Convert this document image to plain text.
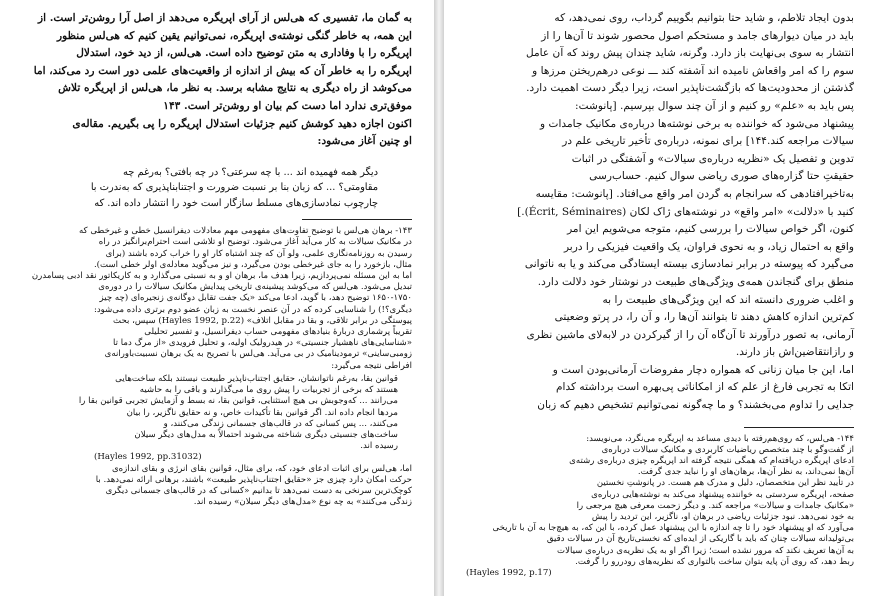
به گمان ما، تفسیری که هی‌لس از آرای اپریگره می‌دهد از اصل آرا روشن‌تر است. از
این همه، به خاطر گنگی نوشته‌ی اپریگره، نمی‌توانیم یقین کنیم که هی‌لس منظور
اپریگره را با وفاداری به متن توضیح داده است. هی‌لس، از دید خود، استدلال
اپریگره را به خاطر آن که بیش از اندازه از واقعیت‌های علمی دور است رد می‌کند، اما
می‌کوشد از راه دیگری به نتایج مشابه برسد. به نظر ما، هی‌لس از اپریگره تلاش
موفق‌تری ندارد اما دست کم بیان او روشن‌تر است. ۱۴۳

اکنون اجازه دهید کوشش کنیم جزئیات استدلال اپریگره را پی بگیریم. مقاله‌ی
او چنین آغاز می‌شود:

دیگر همه فهمیده اند ... با چه سرعتی؟ در چه بافتی؟ به‌رغم چه
مقاومتی؟ ... که زبان بنا بر نسبت ضرورت و اجتنابناپذیری که به‌ندرت با
چارچوب نمادسازی‌های مسلط سازگار است خود را انتشار داده اند. که

۱۴۳- برهان هی‌لس با توضیح تفاوت‌های مفهومی مهم معادلات دیفرانسیل خطی و غیرخطی که
در مکانیک سیالات به کار می‌آید آغاز می‌شود. توضیح او تلاشی است احترام‌برانگیز در راه
رسیدن به روزنامه‌نگاری علمی، ولو آن که چند اشتباه کار او را خراب کرده باشند (برای
مثال، بازخورد را به جای غیرخطی بودن می‌گیرد، و نیز می‌گوید معادله‌ی اولر خطی است).
اما به این مسئله نمی‌پردازیم، زیرا هدف ما، برهان او و به نسبتی می‌گذارد و به کاریکاتور نقد ادبی پسامدرن
تبدیل می‌شود. هی‌لس که می‌کوشد پیشینه‌ی تاریخی پیدایش مکانیک سیالات را در دوره‌ی
۱۶۵۰-۱۷۵۰ توضیح دهد، با گوید، ادعا می‌کند «یک جفت تقابل دوگانه‌ی زنجیره‌ای (چه چیز
دیگری؟!) را شناسایی کرده که در آن عنصر نخست به زبان عضو دوم برتری داده می‌شود:
پیوستگی در برابر تلاقی، و بقا در مقابل اتلاف» (Hayles 1992, p.22) سپس، بحث
تقریباً پرشماری دربارهٔ بنیادهای مفهومی حساب دیفرانسیل، و تفسیر تحلیلی
«شناسایی‌های ناهشیار جنسیتی» در هیدرولیک اولیه، و تحلیل فرویدی «از مرگ دما تا
زومبی‌ساینی» ترمودینامیک در بی می‌آید. هی‌لس با تصریح به یک برهان نسبیت‌باورانه‌ی
افراطی نتیجه می‌گیرد:

قوانین بقا، به‌رغم ناتوانشان، حقایق اجتناب‌ناپذیر طبیعت نیستند بلکه ساخت‌هایی
هستند که برخی از تجربیات را پیش روی ما می‌گذارند و باقی را به حاشیه
می‌رانند ... که‌وجوبش بی هیچ استثنایی، قوانین بقا، نه بسط و آزمایش تجربی قوانین بقا را
مردها انجام داده اند. اگر قوانین بقا تأکیدات خاص، و نه حقایق ناگزیر، را بیان
می‌کنند، ... پس کسانی که در قالب‌های جسمانی زندگی می‌کنند، و
ساخت‌های جنسیتی دیگری شناخته می‌شوند احتمالاً به مدل‌های دیگر سیلان
رسیده اند.

(Hayles 1992, pp.31032)

اما، هی‌لس برای اثبات ادعای خود، که، برای مثال، قوانین بقای انرژی و بقای اندازه‌ی
حرکت امکان دارد چیزی جز «حقایق اجتناب‌ناپذیر طبیعت» باشند، برهانی ارائه نمی‌دهد. با
کوچک‌ترین سرنخی به دست نمی‌دهد تا بدانیم «کسانی که در قالب‌های جسمانی دیگری
زندگی می‌کنند» به چه نوع «مدل‌های دیگر سیلان» رسیده اند.

بدون ایجاد تلاطم، و شاید حتا بتوانیم بگوییم گرداب، روی نمی‌دهد، که
باید در میان دیوارهای جامد و مستحکم اصول محصور شوند تا آن‌ها را از
انتشار به سوی بی‌نهایت باز دارد. وگرنه، شاید چندان پیش روند که آن عامل
سوم را که امر واقعاش نامیده اند آشفته کند ـــ نوعی درهم‌ریختن مرزها و
گذشتن از محدودیت‌ها که بازگشت‌ناپذیر است، زیرا دیگر دست اهمیت دارد.

پس باید به «علم» رو کنیم و از آن چند سوال بپرسیم. [پانوشت:
پیشنهاد می‌شود که خواننده به برخی نوشته‌ها درباره‌ی مکانیک جامدات و
سیالات مراجعه کند.۱۴۴] برای نمونه، درباره‌ی تأخیر تاریخی علم در
تدوین و تفصیل یک «نظریه درباره‌ی سیالات» و آشفتگی در اثبات
حقیقتِ حتا گزاره‌های صوری ریاضی سوال کنیم. حساب‌رسی
به‌تاخیرافتادهی که سرانجام به گردن امر واقع می‌افتاد. [پانوشت: مقایسه
کنید با «دلالت» «امر واقع» در نوشته‌های ژاک لکان (Écrit, Séminaires).]
کنون، اگر خواص سیالات را بررسی کنیم، متوجه می‌شویم این امر
واقع به احتمال زیاد، و به نحوی فراوان، یک واقعیت فیزیکی را دربر
می‌گیرد که پیوسته در برابر نمادسازی بیسته ایستادگی می‌کند و یا به ناتوانی
منطق برای گنجاندن همه‌ی ویژگی‌های طبیعت در نوشتار خود دلالت دارد.
و اغلب ضروری دانسته اند که این ویژگی‌های طبیعت را به
کم‌ترین اندازه کاهش دهند تا بتوانند آن‌ها را، و آن را، در پرتو وضعیتی
آرمانی، به تصور درآورند تا آن‌گاه آن را از گیرکردن در لابه‌لای ماشین نظری
و رازانتقاضین‌اش باز دارند.

اما، این جا میان زنانی که همواره دچار مفروضات آرمانی‌بودن است و
اتکا به تجربی فارغ از علم که از امکاناتی پی‌بهره است برداشته کدام
جدایی را تداوم می‌بخشند؟ و ما چه‌گونه نمی‌توانیم تشخیص دهیم که زبان

۱۴۴- هی‌لس، که روی‌هم‌رفته با دیدی مساعد به اپریگره می‌نگرد، می‌نویسد:
از گفت‌وگو با چند متخصص ریاضیات کاربردی و مکانیک سیالات درباره‌ی
ادعای اپریگره دریافته‌ام که همگی نتیجه گرفته اند اپریگره چیزی درباره‌ی رشته‌ی
آن‌ها نمی‌داند، به نظر آن‌ها، برهان‌های او را نباید جدی گرفت.
در تأیید نظر این متخصصان، دلیل و مدرک هم هست. در پانوشتِ نخستین
صفحه، اپریگره سردستی به خواننده پیشنهاد می‌کند به نوشته‌هایی درباره‌ی
«مکانیک جامدات و سیالات» مراجعه کند. و دیگر زحمت معرفی هیچ مرجعی را
به خود نمی‌دهد. نبود جزئیات ریاضی در برهان او، ناگزیر، این تردید را پیش
می‌آورد که او پیشنهاد خود را تا چه اندازه با این پیشنهاد عمل کرده، با این که، به هیچ‌جا به آن با تاریخی
بی‌تولیدانه سیالات چنان که باید با گاریکی از ایده‌ای که نخستی‌تاریخ آن در سیالات دقیق
به ‌آن‌ها تعریف نکند که مرور نشده است؛ زیرا اگر او به یک نظریه‌ی درباره‌ی سیالات
ربط دهد، که روی آن پایه بتوان ساخت بالتواری که نظریه‌های رودررو را گرفت.

(Hayles 1992, p.17)
